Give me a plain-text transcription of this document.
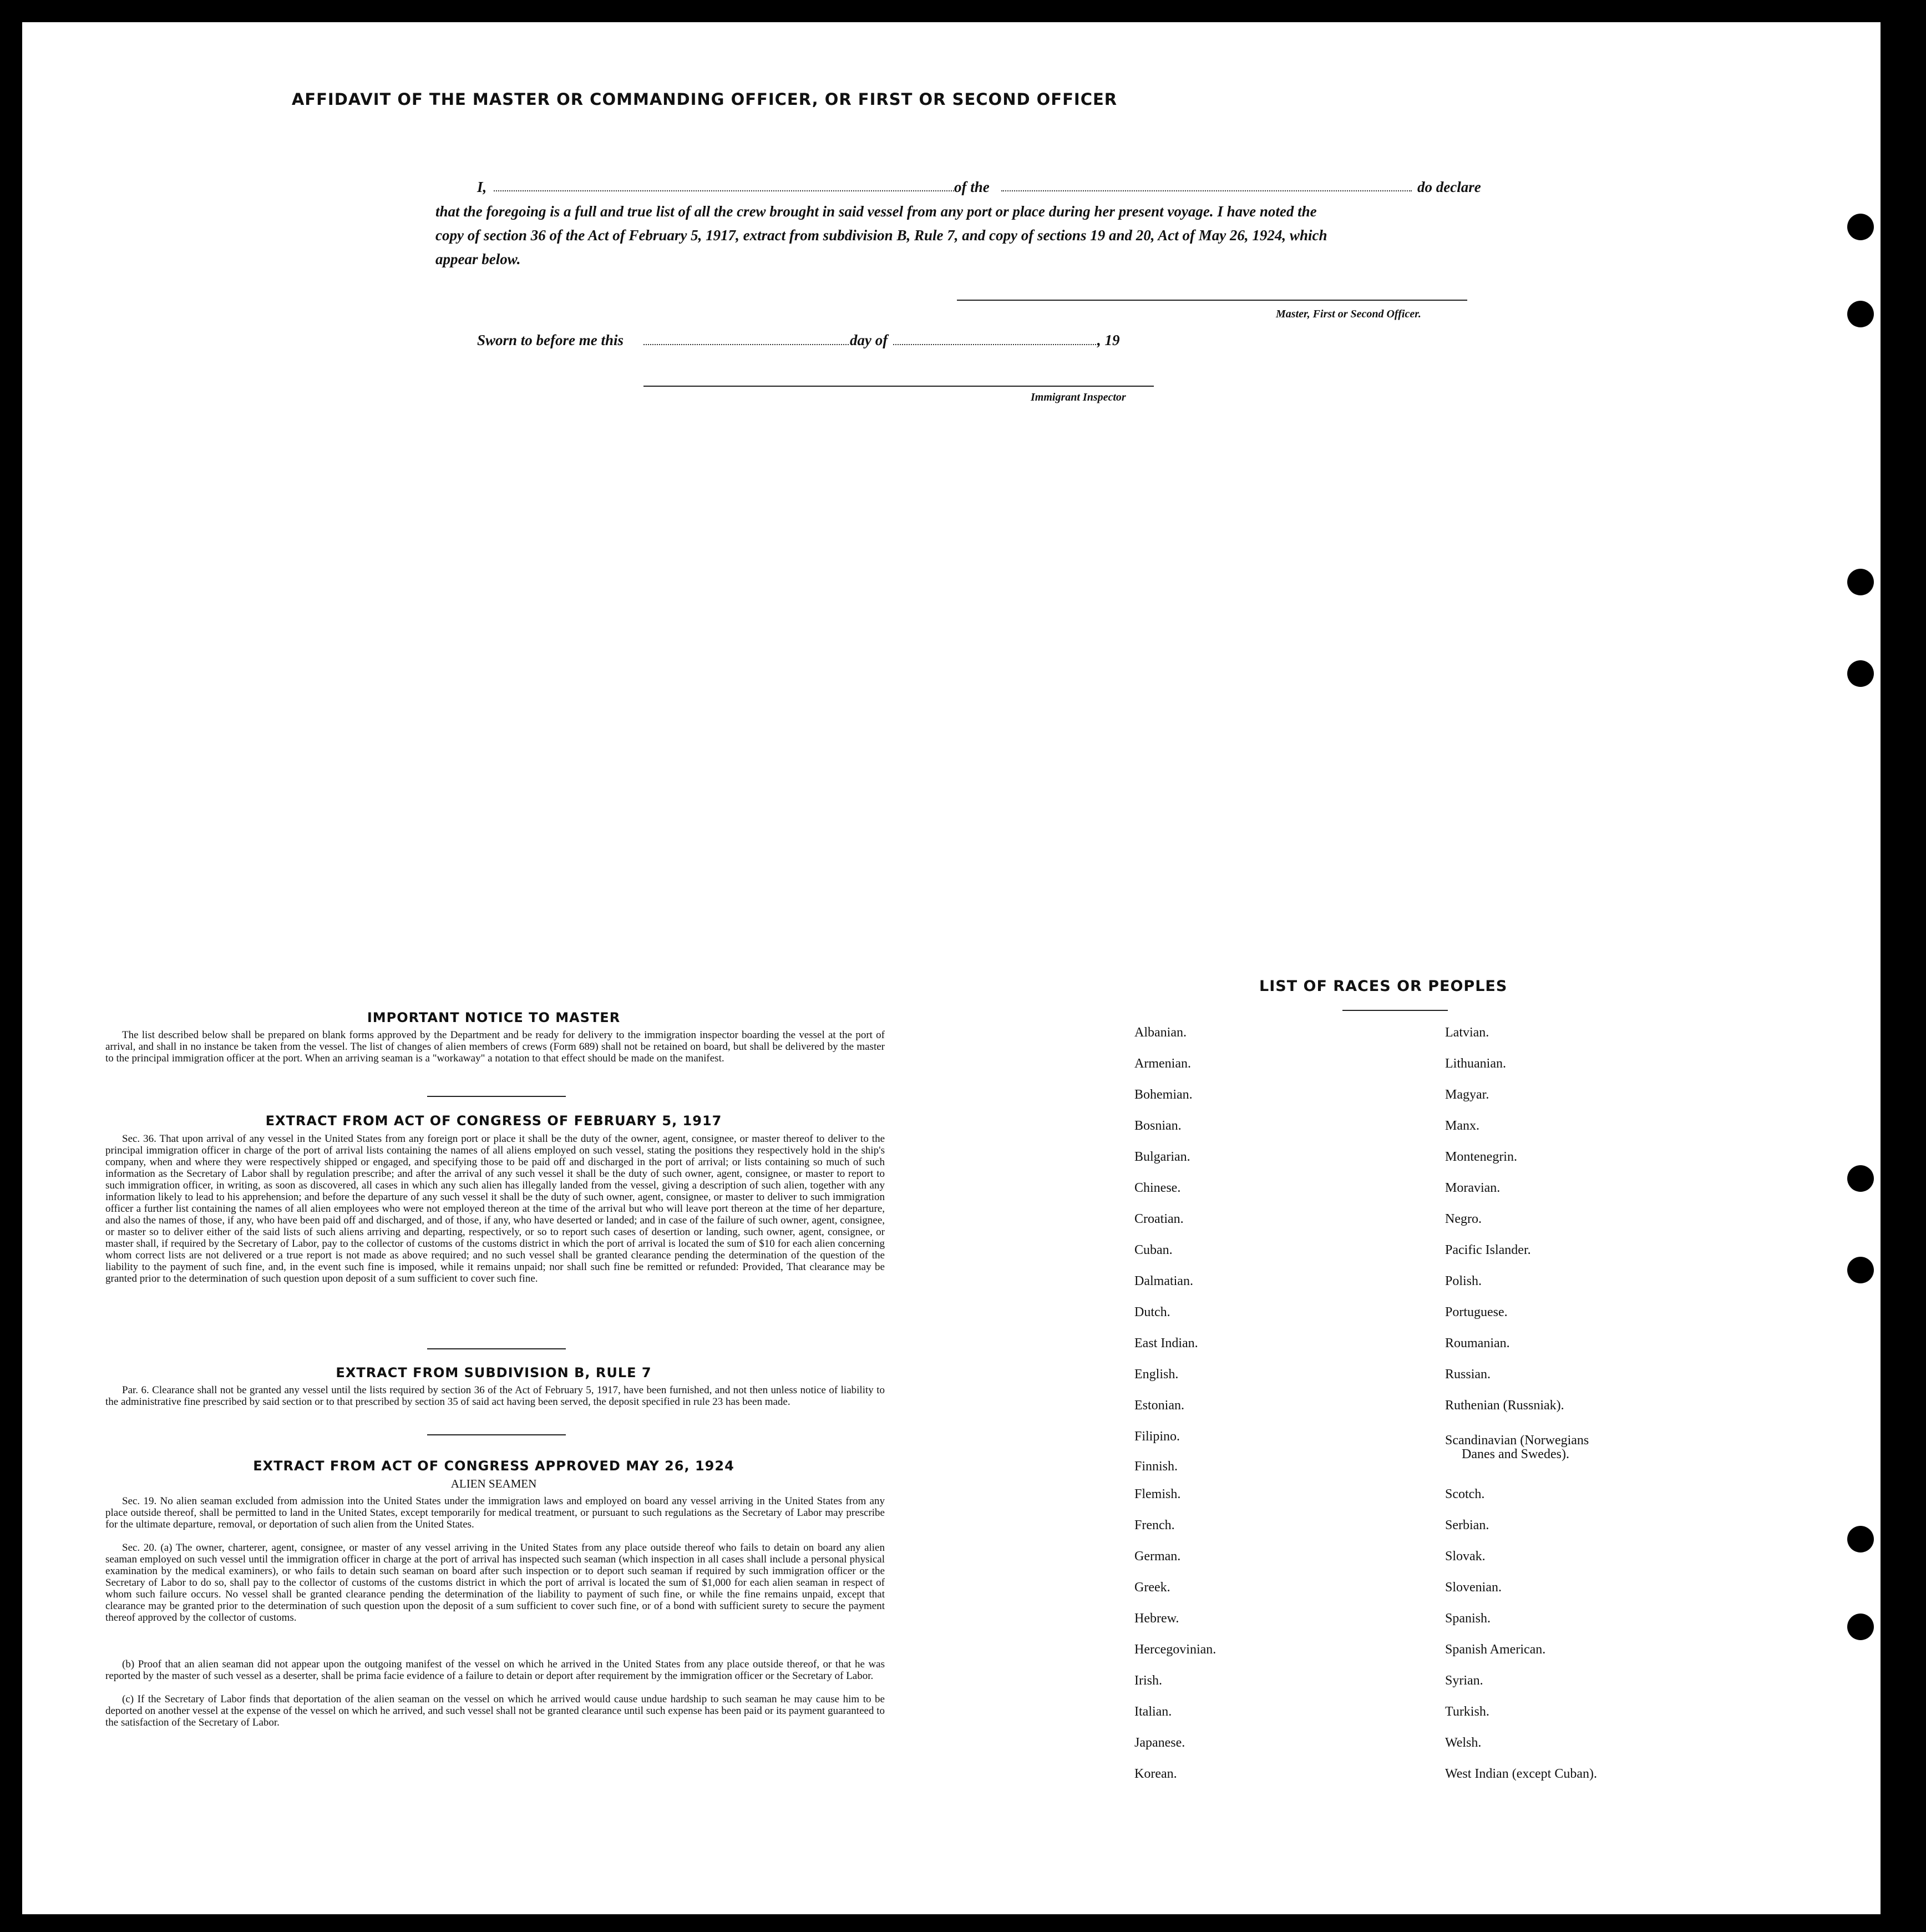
AFFIDAVIT OF THE MASTER OR COMMANDING OFFICER, OR FIRST OR SECOND OFFICER
I,	of the	do declare
that the foregoing is a full and true list of all the crew brought in said vessel from any port or place during her present voyage. I have noted the
copy of section 36 of the Act of February 5, 1917, extract from subdivision B, Rule 7, and copy of sections 19 and 20, Act of May 26, 1924, which
appear below.
Master, First or Second Officer.
Sworn to before me this	day of	, 19
Immigrant Inspector
IMPORTANT NOTICE TO MASTER
The list described below shall be prepared on blank forms approved by the Department and be ready for delivery to the immigration inspector boarding the vessel at the port of arrival, and shall in no instance be taken from the vessel. The list of changes of alien members of crews (Form 689) shall not be retained on board, but shall be delivered by the master to the principal immigration officer at the port. When an arriving seaman is a "workaway" a notation to that effect should be made on the manifest.
EXTRACT FROM ACT OF CONGRESS OF FEBRUARY 5, 1917
Sec. 36. That upon arrival of any vessel in the United States from any foreign port or place it shall be the duty of the owner, agent, consignee, or master thereof to deliver to the principal immigration officer in charge of the port of arrival lists containing the names of all aliens employed on such vessel, stating the positions they respectively hold in the ship's company, when and where they were respectively shipped or engaged, and specifying those to be paid off and discharged in the port of arrival; or lists containing so much of such information as the Secretary of Labor shall by regulation prescribe; and after the arrival of any such vessel it shall be the duty of such owner, agent, consignee, or master to report to such immigration officer, in writing, as soon as discovered, all cases in which any such alien has illegally landed from the vessel, giving a description of such alien, together with any information likely to lead to his apprehension; and before the departure of any such vessel it shall be the duty of such owner, agent, consignee, or master to deliver to such immigration officer a further list containing the names of all alien employees who were not employed thereon at the time of the arrival but who will leave port thereon at the time of her departure, and also the names of those, if any, who have been paid off and discharged, and of those, if any, who have deserted or landed; and in case of the failure of such owner, agent, consignee, or master so to deliver either of the said lists of such aliens arriving and departing, respectively, or so to report such cases of desertion or landing, such owner, agent, consignee, or master shall, if required by the Secretary of Labor, pay to the collector of customs of the customs district in which the port of arrival is located the sum of $10 for each alien concerning whom correct lists are not delivered or a true report is not made as above required; and no such vessel shall be granted clearance pending the determination of the question of the liability to the payment of such fine, and, in the event such fine is imposed, while it remains unpaid; nor shall such fine be remitted or refunded: Provided, That clearance may be granted prior to the determination of such question upon deposit of a sum sufficient to cover such fine.
EXTRACT FROM SUBDIVISION B, RULE 7
Par. 6. Clearance shall not be granted any vessel until the lists required by section 36 of the Act of February 5, 1917, have been furnished, and not then unless notice of liability to the administrative fine prescribed by said section or to that prescribed by section 35 of said act having been served, the deposit specified in rule 23 has been made.
EXTRACT FROM ACT OF CONGRESS APPROVED MAY 26, 1924
ALIEN SEAMEN
Sec. 19. No alien seaman excluded from admission into the United States under the immigration laws and employed on board any vessel arriving in the United States from any place outside thereof, shall be permitted to land in the United States, except temporarily for medical treatment, or pursuant to such regulations as the Secretary of Labor may prescribe for the ultimate departure, removal, or deportation of such alien from the United States.
Sec. 20. (a) The owner, charterer, agent, consignee, or master of any vessel arriving in the United States from any place outside thereof who fails to detain on board any alien seaman employed on such vessel until the immigration officer in charge at the port of arrival has inspected such seaman (which inspection in all cases shall include a personal physical examination by the medical examiners), or who fails to detain such seaman on board after such inspection or to deport such seaman if required by such immigration officer or the Secretary of Labor to do so, shall pay to the collector of customs of the customs district in which the port of arrival is located the sum of $1,000 for each alien seaman in respect of whom such failure occurs. No vessel shall be granted clearance pending the determination of the liability to payment of such fine, or while the fine remains unpaid, except that clearance may be granted prior to the determination of such question upon the deposit of a sum sufficient to cover such fine, or of a bond with sufficient surety to secure the payment thereof approved by the collector of customs.
(b) Proof that an alien seaman did not appear upon the outgoing manifest of the vessel on which he arrived in the United States from any place outside thereof, or that he was reported by the master of such vessel as a deserter, shall be prima facie evidence of a failure to detain or deport after requirement by the immigration officer or the Secretary of Labor.
(c) If the Secretary of Labor finds that deportation of the alien seaman on the vessel on which he arrived would cause undue hardship to such seaman he may cause him to be deported on another vessel at the expense of the vessel on which he arrived, and such vessel shall not be granted clearance until such expense has been paid or its payment guaranteed to the satisfaction of the Secretary of Labor.
LIST OF RACES OR PEOPLES
Albanian.
Armenian.
Bohemian.
Bosnian.
Bulgarian.
Chinese.
Croatian.
Cuban.
Dalmatian.
Dutch.
East Indian.
English.
Estonian.
Filipino.
Finnish.
Flemish.
French.
German.
Greek.
Hebrew.
Hercegovinian.
Irish.
Italian.
Japanese.
Korean.
Latvian.
Lithuanian.
Magyar.
Manx.
Montenegrin.
Moravian.
Negro.
Pacific Islander.
Polish.
Portuguese.
Roumanian.
Russian.
Ruthenian (Russniak).
Scandinavian (Norwegians
Danes and Swedes).
Scotch.
Serbian.
Slovak.
Slovenian.
Spanish.
Spanish American.
Syrian.
Turkish.
Welsh.
West Indian (except Cuban).
